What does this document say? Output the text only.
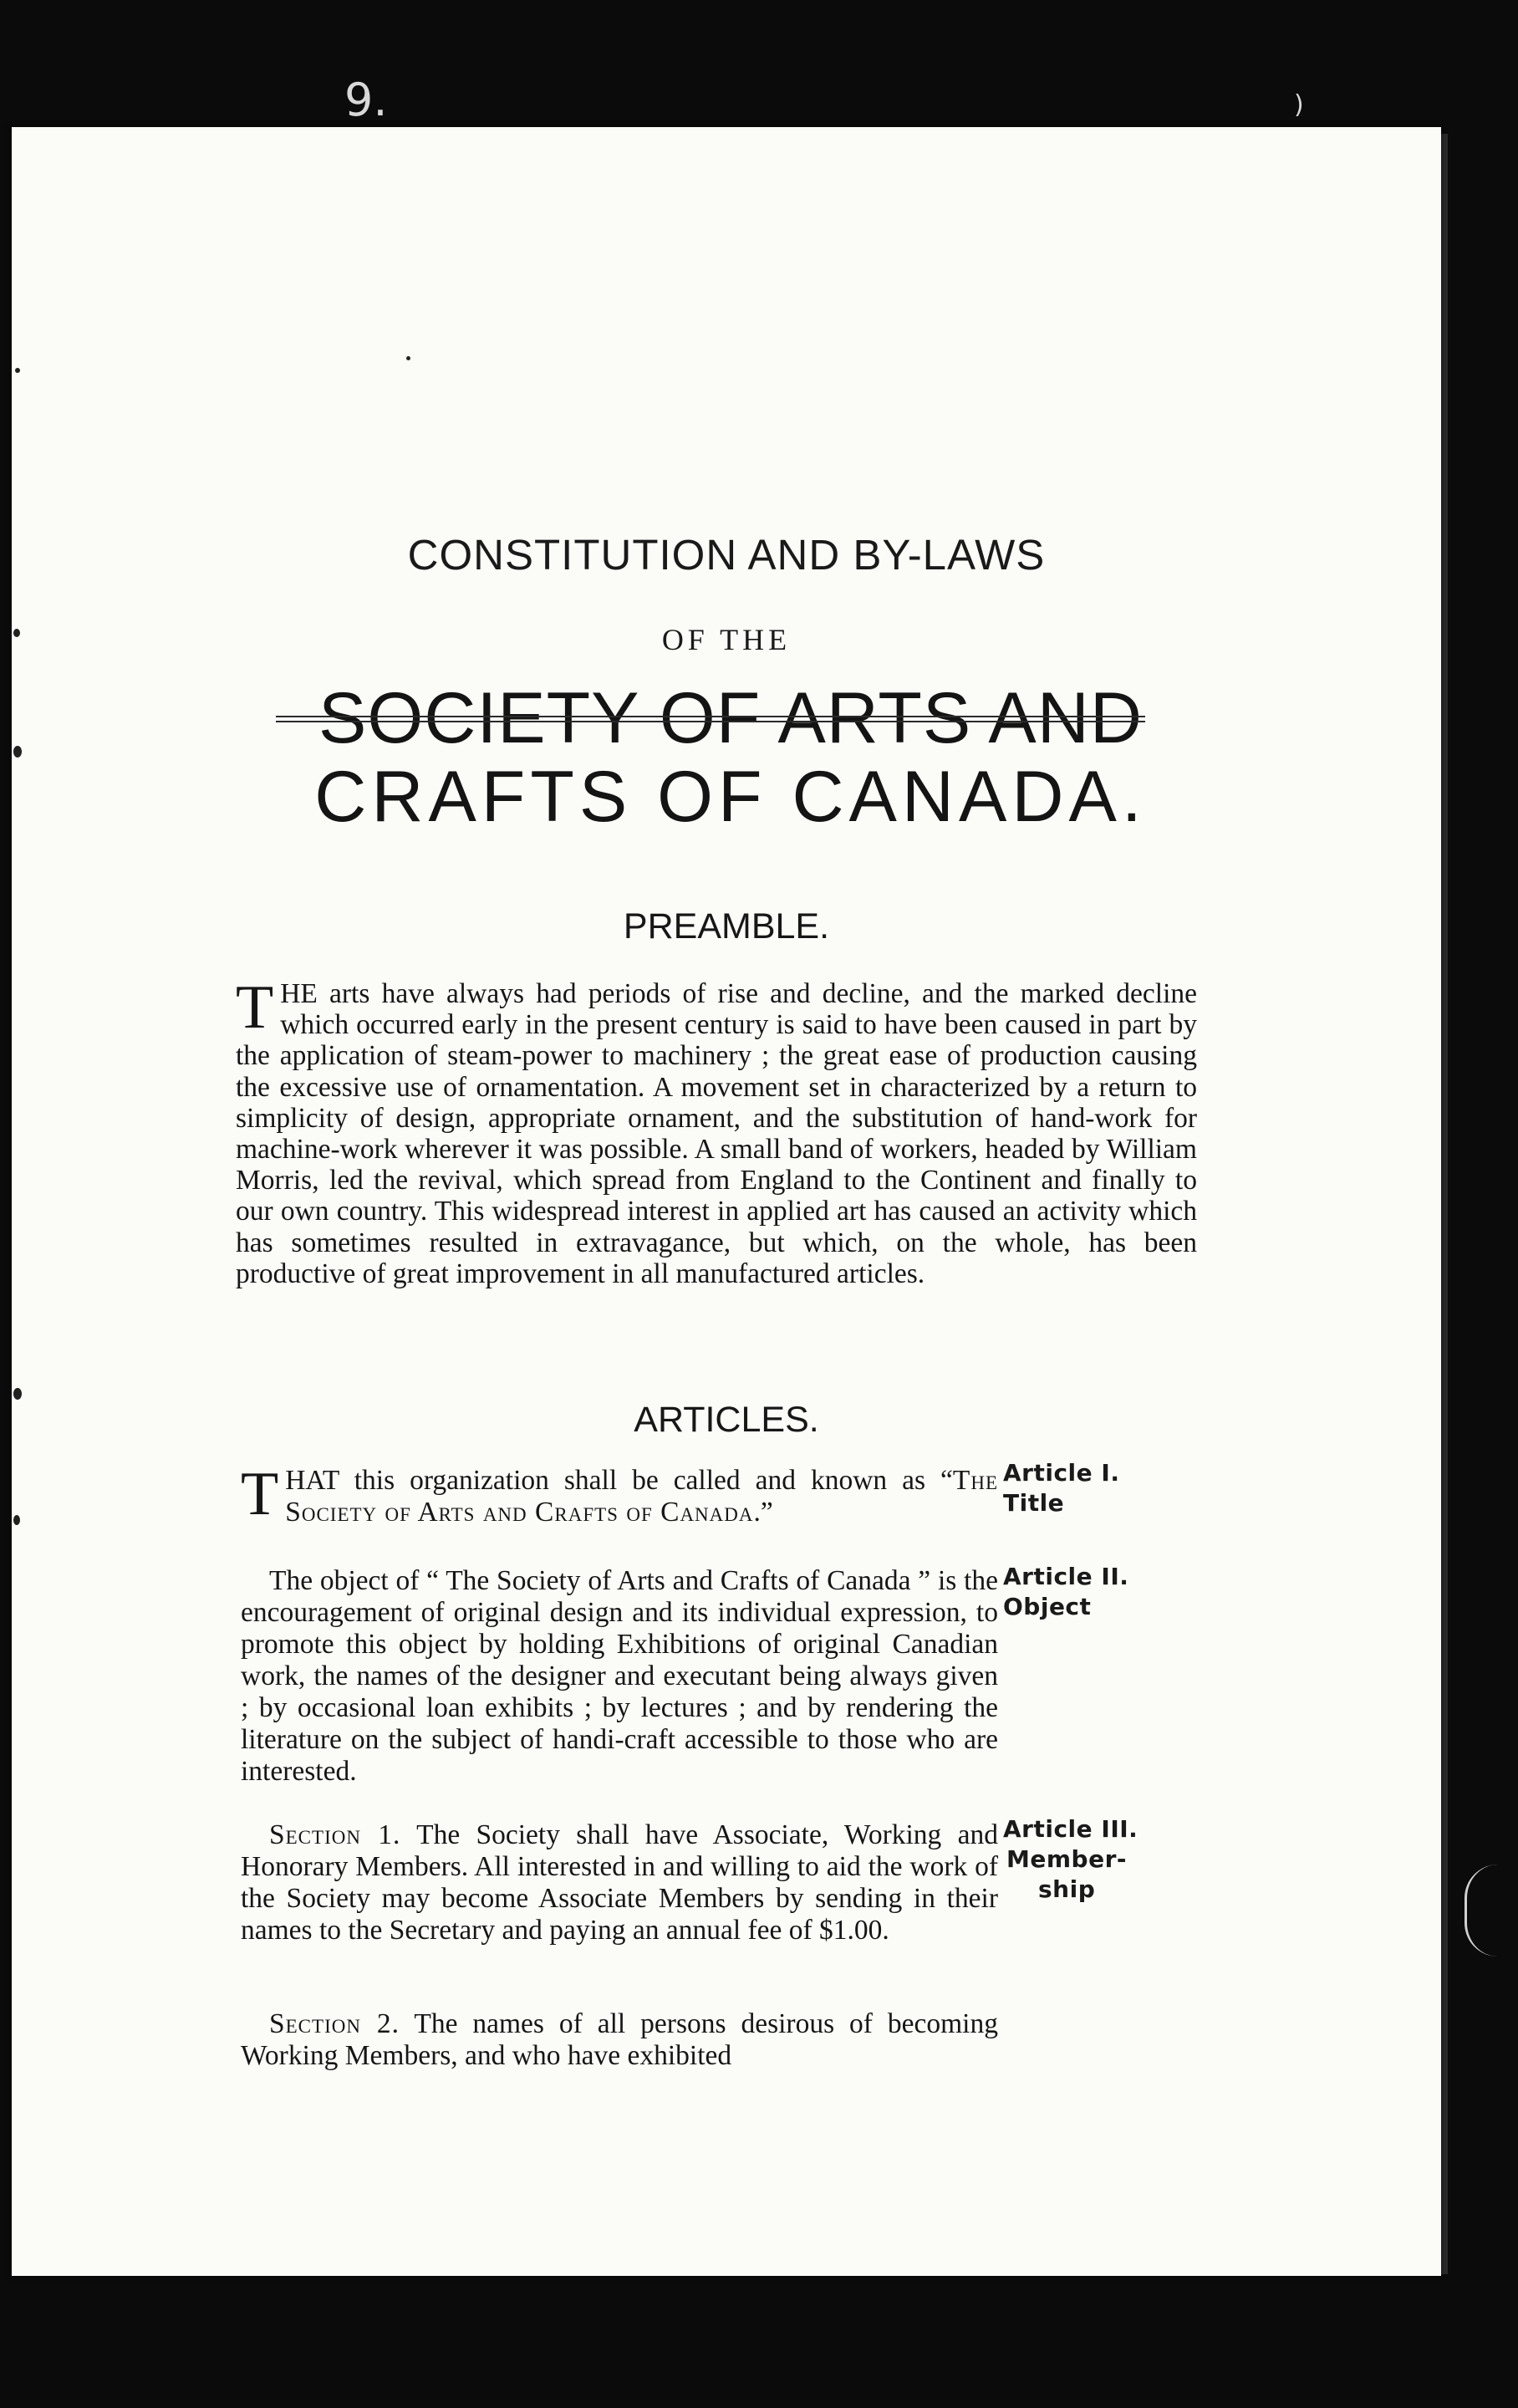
9.	)
CONSTITUTION AND BY-LAWS
OF THE
SOCIETY OF ARTS AND
CRAFTS OF CANADA.
PREAMBLE.

THE arts have always had periods of rise and decline, and the marked decline which occurred early in the present century is said to have been caused in part by the application of steam-power to machinery ; the great ease of production causing the excessive use of ornamentation. A movement set in characterized by a return to simplicity of design, appropriate ornament, and the substitution of hand-work for machine-work wherever it was possible. A small band of workers, headed by William Morris, led the revival, which spread from England to the Continent and finally to our own country. This widespread interest in applied art has caused an activity which has sometimes resulted in extravagance, but which, on the whole, has been productive of great improvement in all manufactured articles.

ARTICLES.

THAT this organization shall be called and known as “The Society of Arts and Crafts of Canada.”

Article I.
Title

The object of “ The Society of Arts and Crafts of Canada ” is the encouragement of original design and its individual expression, to promote this object by holding Exhibitions of original Canadian work, the names of the designer and executant being always given ; by occasional loan exhibits ; by lectures ; and by rendering the literature on the subject of handi-craft accessible to those who are interested.

Article II.
Object

Section 1. The Society shall have Associate, Working and Honorary Members. All interested in and willing to aid the work of the Society may become Associate Members by sending in their names to the Secretary and paying an annual fee of $1.00.

Article III.
Member-
ship

Section 2. The names of all persons desirous of becoming Working Members, and who have exhibited
